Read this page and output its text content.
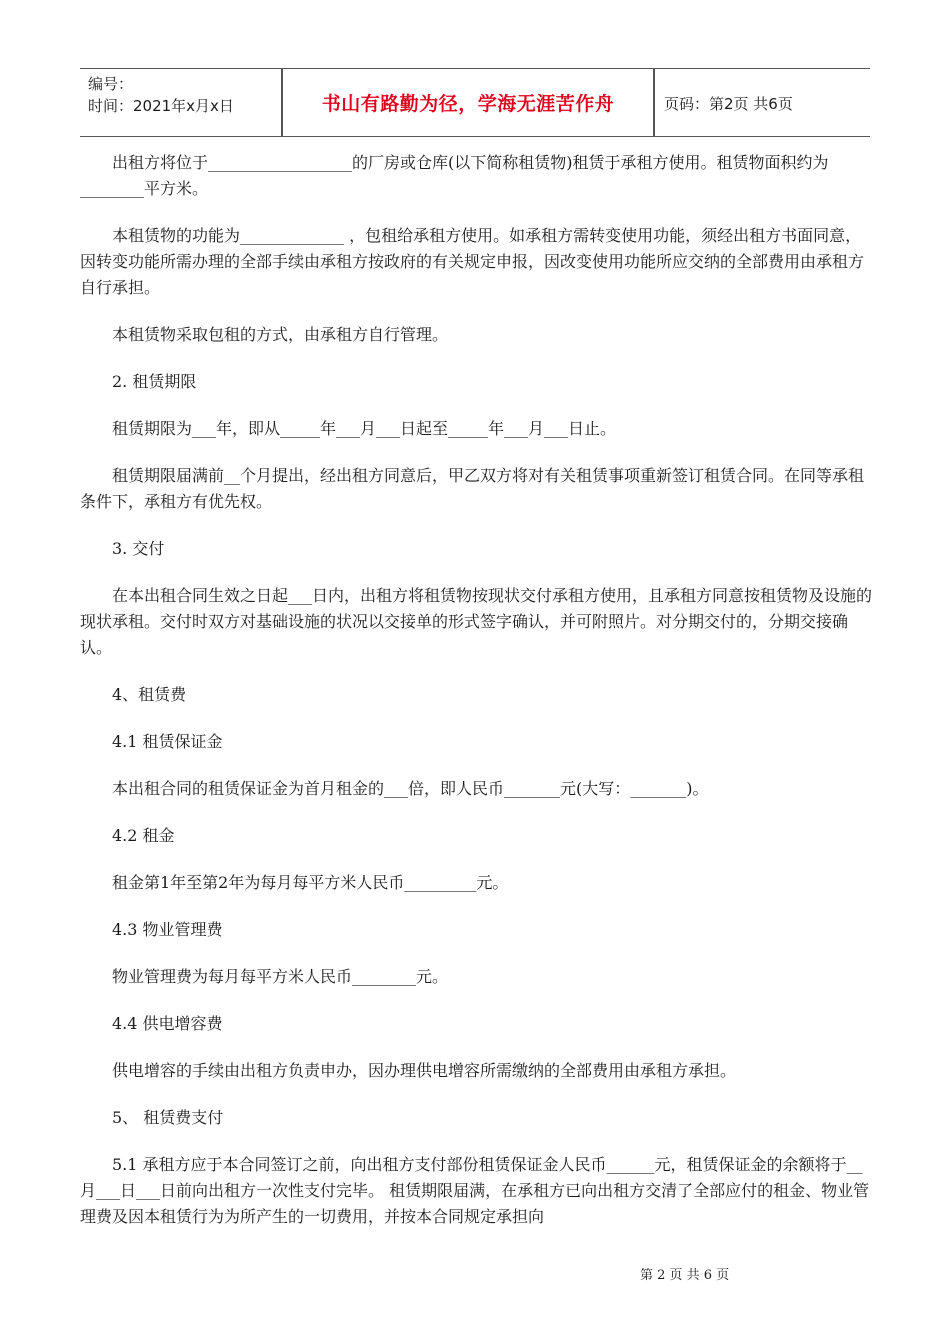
编号：
时间：2021年x月x日	书山有路勤为径，学海无涯苦作舟	页码：第2页 共6页

出租方将位于__________________的厂房或仓库(以下简称租赁物)租赁于承租方使用。租赁物面积约为________平方米。

本租赁物的功能为_____________ ，包租给承租方使用。如承租方需转变使用功能，须经出租方书面同意，因转变功能所需办理的全部手续由承租方按政府的有关规定申报，因改变使用功能所应交纳的全部费用由承租方自行承担。

本租赁物采取包租的方式，由承租方自行管理。

2. 租赁期限

租赁期限为___年，即从_____年___月___日起至_____年___月___日止。

租赁期限届满前__个月提出，经出租方同意后，甲乙双方将对有关租赁事项重新签订租赁合同。在同等承租条件下，承租方有优先权。

3. 交付

在本出租合同生效之日起___日内，出租方将租赁物按现状交付承租方使用，且承租方同意按租赁物及设施的现状承租。交付时双方对基础设施的状况以交接单的形式签字确认，并可附照片。对分期交付的，分期交接确认。

4、租赁费

4.1 租赁保证金

本出租合同的租赁保证金为首月租金的___倍，即人民币_______元(大写：_______)。

4.2 租金

租金第1年至第2年为每月每平方米人民币_________元。

4.3 物业管理费

物业管理费为每月每平方米人民币________元。

4.4 供电增容费

供电增容的手续由出租方负责申办，因办理供电增容所需缴纳的全部费用由承租方承担。

5、 租赁费支付

5.1 承租方应于本合同签订之前，向出租方支付部份租赁保证金人民币______元，租赁保证金的余额将于__月___日___日前向出租方一次性支付完毕。 租赁期限届满，在承租方已向出租方交清了全部应付的租金、物业管理费及因本租赁行为为所产生的一切费用，并按本合同规定承担向

第 2 页 共 6 页
